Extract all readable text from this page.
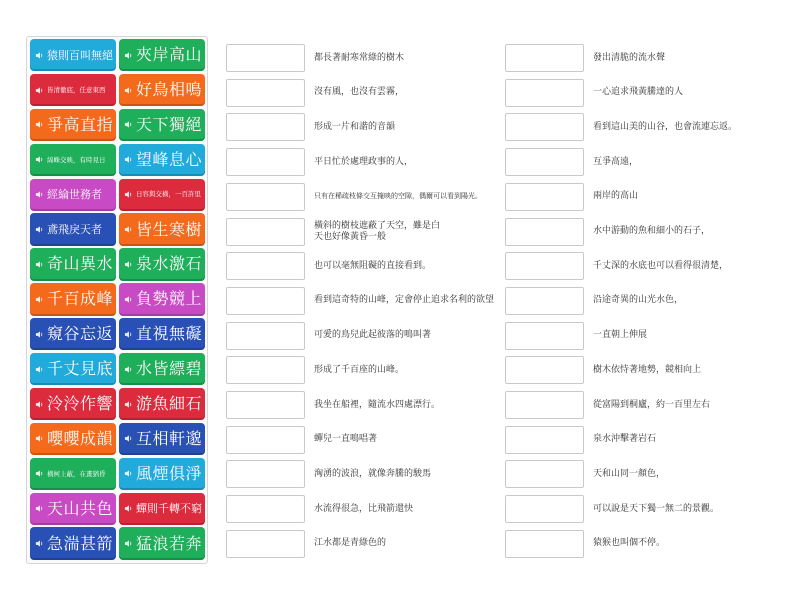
猿則百叫無絕 夾岸高山
皆清徹底，任意東西 好鳥相鳴
爭高直指 天下獨絕
綿蛛交映，有時見日 望峰息心
經綸世務者	日容與交橫，一百許里
鳶飛戾天者 皆生寒樹
奇山異水 泉水激石
千百成峰 負勢競上
窺谷忘返 直視無礙
千丈見底 水皆縹碧
泠泠作響 游魚細石
嚶嚶成韻 互相軒邈
橫柯上蔽，在畫猶昏 風煙俱淨
天山共色 蟬則千轉不窮
急湍甚箭 猛浪若奔
都長著耐寒常綠的樹木
沒有風，也沒有雲霧，
形成一片和諧的音韻
平日忙於處理政事的人，
只有在稀疏枝條交互掩映的空隙，偶爾可以看到陽光。
橫斜的樹枝遮蔽了天空，雖是白天也好像黃昏一般
也可以毫無阻礙的直接看到。
看到這奇特的山峰，定會停止追求名利的欲望
可愛的鳥兒此起彼落的鳴叫著
形成了千百座的山峰。
我坐在船裡，隨流水四處漂行。
蟬兒一直鳴唱著
洶湧的波浪，就像奔騰的駿馬
水流得很急，比飛箭還快
江水都是青綠色的
發出清脆的流水聲
一心追求飛黃騰達的人
看到這山美的山谷，也會流連忘返。
互爭高遠，
兩岸的高山
水中游動的魚和細小的石子，
千丈深的水底也可以看得很清楚，
沿途奇異的山光水色，
一直朝上伸展
樹木依恃著地勢，競相向上
從富陽到桐廬，約一百里左右
泉水沖擊著岩石
天和山同一顏色，
可以說是天下獨一無二的景觀。
猿猴也叫個不停。
